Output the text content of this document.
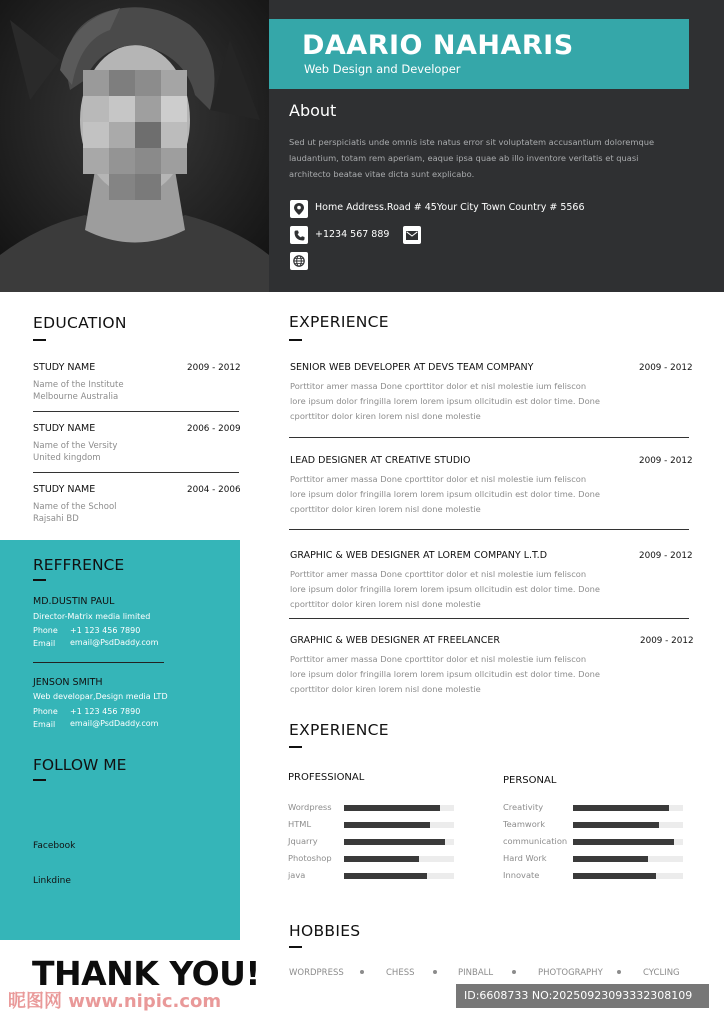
DAARIO NAHARIS
Web Design and Developer
About
Sed ut perspiciatis unde omnis iste natus error sit voluptatem accusantium doloremque laudantium, totam rem aperiam, eaque ipsa quae ab illo inventore veritatis et quasi architecto beatae vitae dicta sunt explicabo.
Home Address.Road # 45Your City Town Country # 5566
+1234 567 889
EDUCATION
STUDY NAME	2009 - 2012
Name of the Institute
Melbourne Australia
STUDY NAME	2006 - 2009
Name of the Versity
United kingdom
STUDY NAME	2004 - 2006
Name of the School
Rajsahi BD
REFFRENCE
MD.DUSTIN PAUL
Director-Matrix media limited
Phone +1 123 456 7890
Email email@PsdDaddy.com
JENSON SMITH
Web developar,Design media LTD
Phone +1 123 456 7890
Email email@PsdDaddy.com
FOLLOW ME
Facebook
Linkdine
THANK YOU!
EXPERIENCE
SENIOR WEB DEVELOPER AT DEVS TEAM COMPANY	2009 - 2012
Porttitor amer massa Done cporttitor dolor et nisl molestie ium feliscon lore ipsum dolor fringilla lorem lorem ipsum ollcitudin est dolor time. Done cporttitor dolor kiren lorem nisl done molestie
LEAD DESIGNER AT CREATIVE STUDIO	2009 - 2012
Porttitor amer massa Done cporttitor dolor et nisl molestie ium feliscon lore ipsum dolor fringilla lorem lorem ipsum ollcitudin est dolor time. Done cporttitor dolor kiren lorem nisl done molestie
GRAPHIC & WEB DESIGNER AT LOREM COMPANY L.T.D	2009 - 2012
Porttitor amer massa Done cporttitor dolor et nisl molestie ium feliscon lore ipsum dolor fringilla lorem lorem ipsum ollcitudin est dolor time. Done cporttitor dolor kiren lorem nisl done molestie
GRAPHIC & WEB DESIGNER AT FREELANCER	2009 - 2012
Porttitor amer massa Done cporttitor dolor et nisl molestie ium feliscon lore ipsum dolor fringilla lorem lorem ipsum ollcitudin est dolor time. Done cporttitor dolor kiren lorem nisl done molestie
EXPERIENCE
PROFESSIONAL	PERSONAL
Wordpress
HTML
Jquarry
Photoshop
java
Creativity
Teamwork
communication
Hard Work
Innovate
HOBBIES
WORDPRESS	CHESS	PINBALL	PHOTOGRAPHY	CYCLING
昵图网 www.nipic.com	ID:6608733 NO:20250923093332308109
